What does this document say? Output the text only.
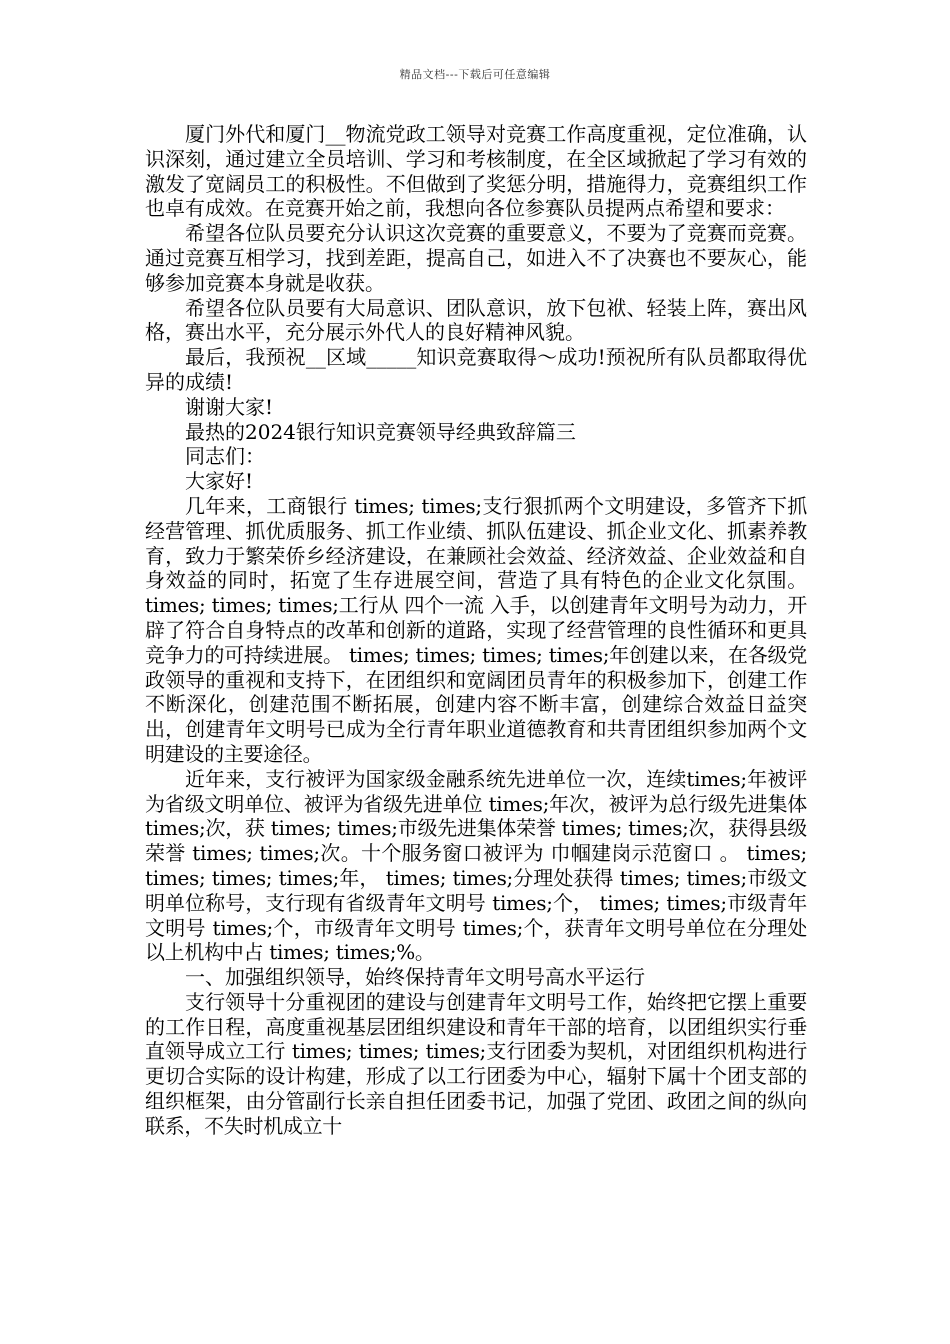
精品文档---下载后可任意编辑

厦门外代和厦门__物流党政工领导对竞赛工作高度重视，定位准确，认识深刻，通过建立全员培训、学习和考核制度，在全区域掀起了学习有效的激发了宽阔员工的积极性。不但做到了奖惩分明，措施得力，竞赛组织工作也卓有成效。在竞赛开始之前，我想向各位参赛队员提两点希望和要求：

希望各位队员要充分认识这次竞赛的重要意义，不要为了竞赛而竞赛。通过竞赛互相学习，找到差距，提高自己，如进入不了决赛也不要灰心，能够参加竞赛本身就是收获。

希望各位队员要有大局意识、团队意识，放下包袱、轻装上阵，赛出风格，赛出水平，充分展示外代人的良好精神风貌。

最后，我预祝__区域_____知识竞赛取得～成功!预祝所有队员都取得优异的成绩!

谢谢大家!

最热的2024银行知识竞赛领导经典致辞篇三

同志们：

大家好!

几年来，工商银行 times; times;支行狠抓两个文明建设，多管齐下抓经营管理、抓优质服务、抓工作业绩、抓队伍建设、抓企业文化、抓素养教育，致力于繁荣侨乡经济建设，在兼顾社会效益、经济效益、企业效益和自身效益的同时，拓宽了生存进展空间，营造了具有特色的企业文化氛围。 times; times; times;工行从 四个一流 入手，以创建青年文明号为动力，开辟了符合自身特点的改革和创新的道路，实现了经营管理的良性循环和更具竞争力的可持续进展。 times; times; times; times;年创建以来，在各级党政领导的重视和支持下，在团组织和宽阔团员青年的积极参加下，创建工作不断深化，创建范围不断拓展，创建内容不断丰富，创建综合效益日益突出，创建青年文明号已成为全行青年职业道德教育和共青团组织参加两个文明建设的主要途径。

近年来，支行被评为国家级金融系统先进单位一次，连续times;年被评为省级文明单位、被评为省级先进单位 times;年次，被评为总行级先进集体 times;次，获 times; times;市级先进集体荣誉 times; times;次，获得县级荣誉 times; times;次。十个服务窗口被评为 巾帼建岗示范窗口 。 times; times; times; times;年， times; times;分理处获得 times; times;市级文明单位称号，支行现有省级青年文明号 times;个， times; times;市级青年文明号 times;个，市级青年文明号 times;个，获青年文明号单位在分理处以上机构中占 times; times;%。

一、加强组织领导，始终保持青年文明号高水平运行

支行领导十分重视团的建设与创建青年文明号工作，始终把它摆上重要的工作日程，高度重视基层团组织建设和青年干部的培育，以团组织实行垂直领导成立工行 times; times; times;支行团委为契机，对团组织机构进行更切合实际的设计构建，形成了以工行团委为中心，辐射下属十个团支部的组织框架，由分管副行长亲自担任团委书记，加强了党团、政团之间的纵向联系，不失时机成立十
